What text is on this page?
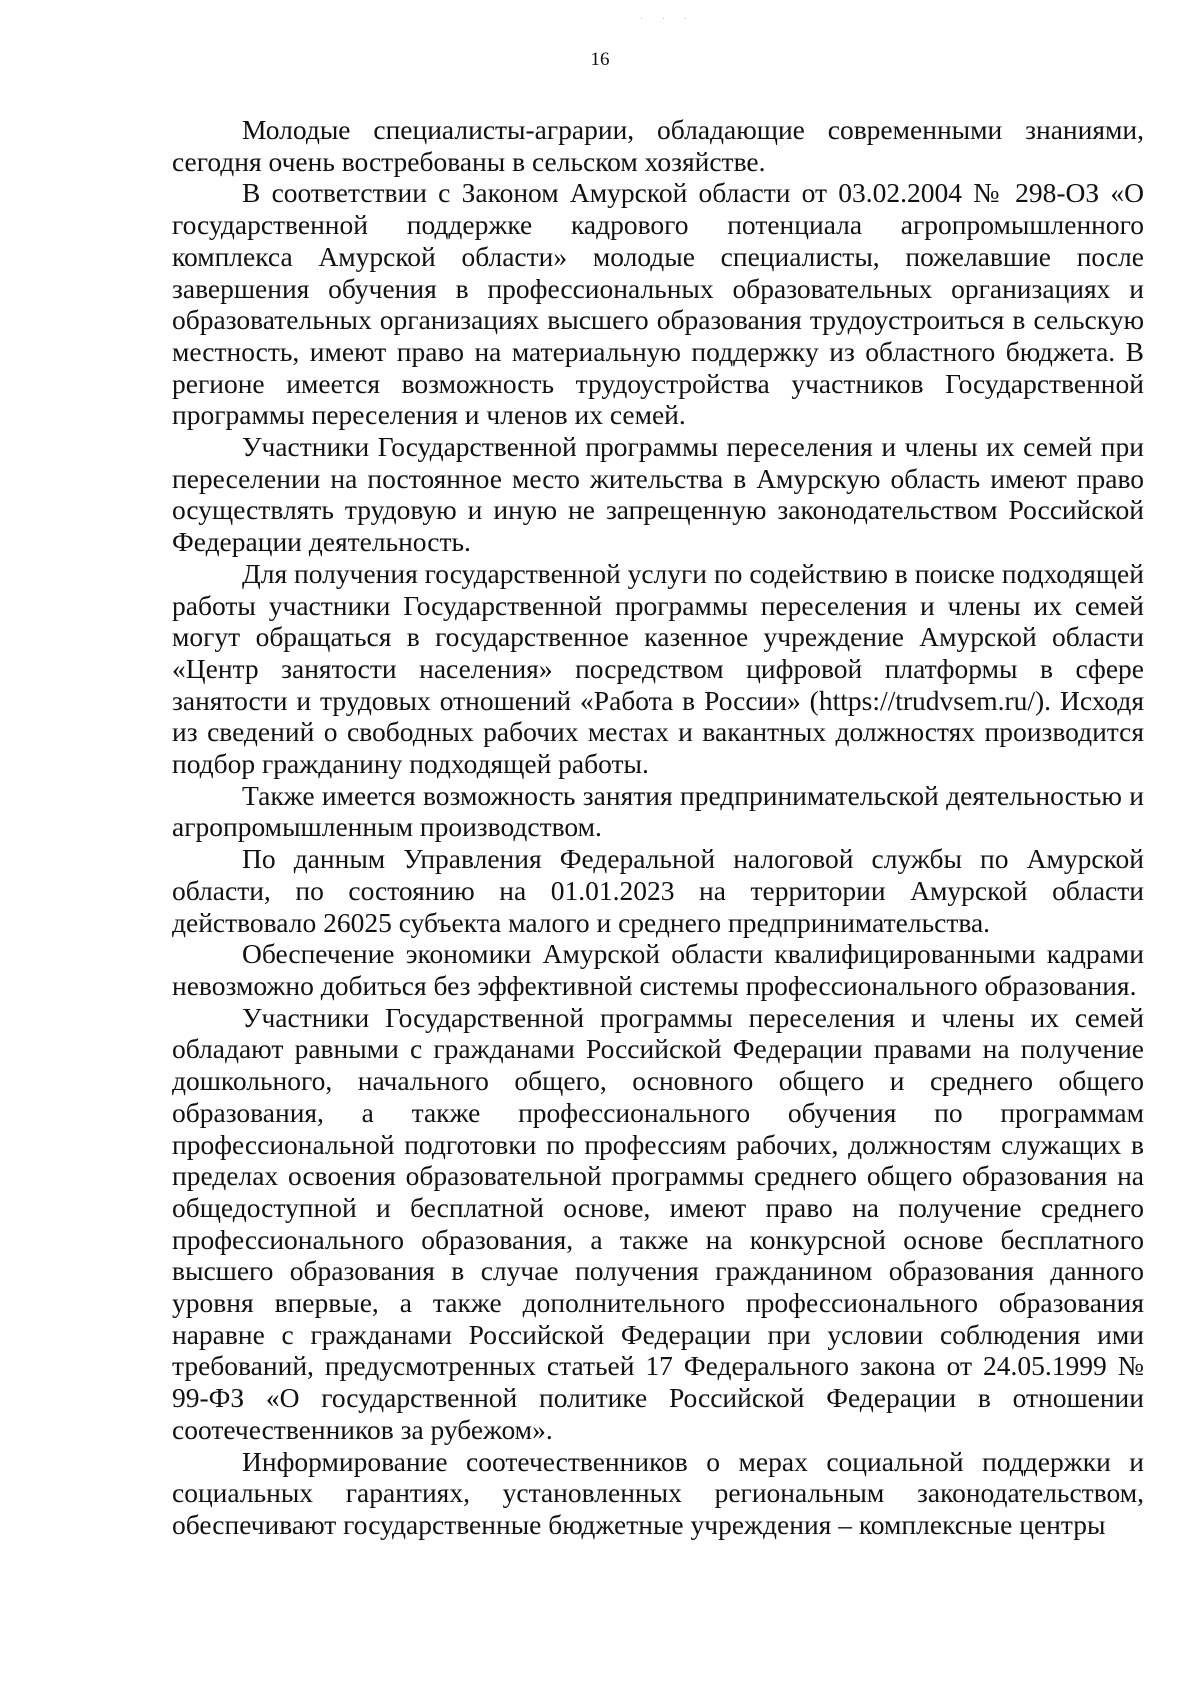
· · ·
16

Молодые специалисты-аграрии, обладающие современными знаниями, сегодня очень востребованы в сельском хозяйстве.

В соответствии с Законом Амурской области от 03.02.2004 № 298-ОЗ «О государственной поддержке кадрового потенциала агропромышленного комплекса Амурской области» молодые специалисты, пожелавшие после завершения обучения в профессиональных образовательных организациях и образовательных организациях высшего образования трудоустроиться в сельскую местность, имеют право на материальную поддержку из областного бюджета. В регионе имеется возможность трудоустройства участников Государственной программы переселения и членов их семей.

Участники Государственной программы переселения и члены их семей при переселении на постоянное место жительства в Амурскую область имеют право осуществлять трудовую и иную не запрещенную законодательством Российской Федерации деятельность.

Для получения государственной услуги по содействию в поиске подходящей работы участники Государственной программы переселения и члены их семей могут обращаться в государственное казенное учреждение Амурской области «Центр занятости населения» посредством цифровой платформы в сфере занятости и трудовых отношений «Работа в России» (https://trudvsem.ru/). Исходя из сведений о свободных рабочих местах и вакантных должностях производится подбор гражданину подходящей работы.

Также имеется возможность занятия предпринимательской деятельностью и агропромышленным производством.

По данным Управления Федеральной налоговой службы по Амурской области, по состоянию на 01.01.2023 на территории Амурской области действовало 26025 субъекта малого и среднего предпринимательства.

Обеспечение экономики Амурской области квалифицированными кадрами невозможно добиться без эффективной системы профессионального образования.

Участники Государственной программы переселения и члены их семей обладают равными с гражданами Российской Федерации правами на получение дошкольного, начального общего, основного общего и среднего общего образования, а также профессионального обучения по программам профессиональной подготовки по профессиям рабочих, должностям служащих в пределах освоения образовательной программы среднего общего образования на общедоступной и бесплатной основе, имеют право на получение среднего профессионального образования, а также на конкурсной основе бесплатного высшего образования в случае получения гражданином образования данного уровня впервые, а также дополнительного профессионального образования наравне с гражданами Российской Федерации при условии соблюдения ими требований, предусмотренных статьей 17 Федерального закона от 24.05.1999 № 99-ФЗ «О государственной политике Российской Федерации в отношении соотечественников за рубежом».

Информирование соотечественников о мерах социальной поддержки и социальных гарантиях, установленных региональным законодательством, обеспечивают государственные бюджетные учреждения – комплексные центры
